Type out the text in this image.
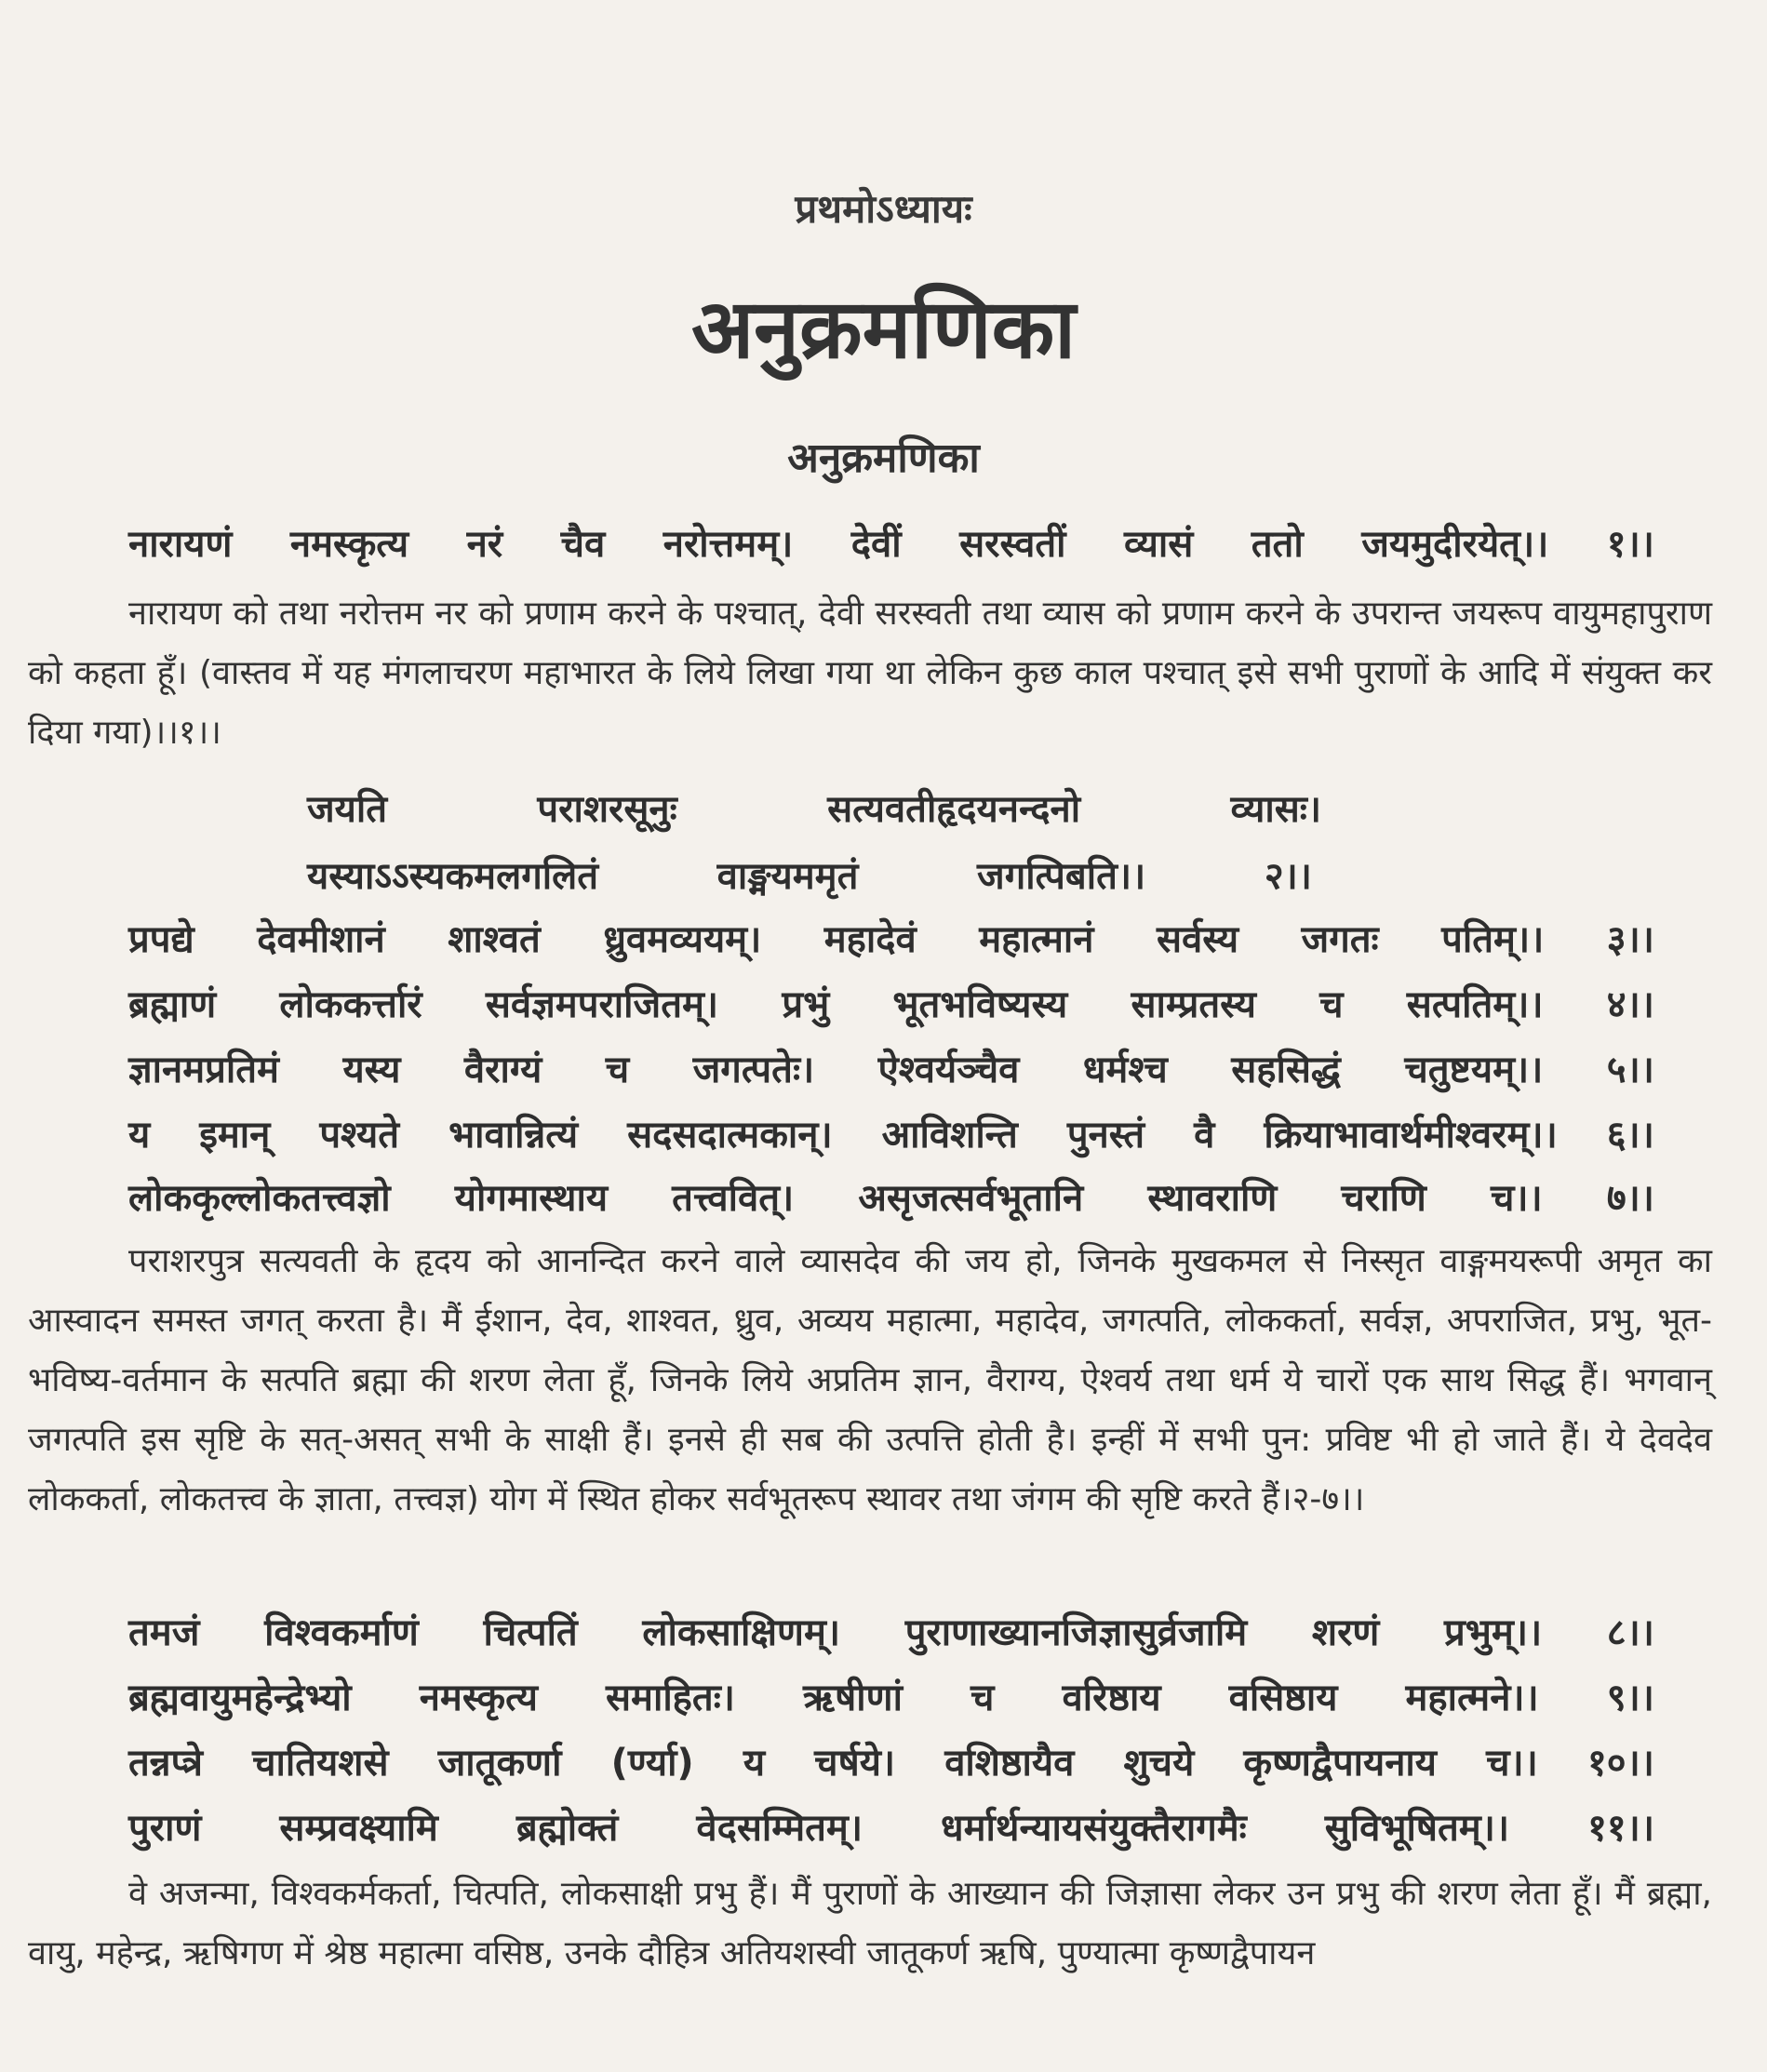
प्रथमोऽध्यायः
अनुक्रमणिका
अनुक्रमणिका
नारायणं नमस्कृत्य नरं चैव नरोत्तमम्। देवीं सरस्वतीं व्यासं ततो जयमुदीरयेत्।। १।।
नारायण को तथा नरोत्तम नर को प्रणाम करने के पश्चात्, देवी सरस्वती तथा व्यास को प्रणाम करने के उपरान्त जयरूप वायुमहापुराण को कहता हूँ। (वास्तव में यह मंगलाचरण महाभारत के लिये लिखा गया था लेकिन कुछ काल पश्चात् इसे सभी पुराणों के आदि में संयुक्त कर दिया गया)।।१।।
जयति	पराशरसूनुः	सत्यवतीहृदयनन्दनो	व्यासः।
यस्याऽऽस्यकमलगलितं	वाङ्मयममृतं	जगत्पिबति।।	२।।
प्रपद्ये देवमीशानं शाश्वतं ध्रुवमव्ययम्। महादेवं महात्मानं सर्वस्य जगतः पतिम्।। ३।।
ब्रह्माणं लोककर्त्तारं सर्वज्ञमपराजितम्। प्रभुं भूतभविष्यस्य साम्प्रतस्य च सत्पतिम्।। ४।।
ज्ञानमप्रतिमं यस्य वैराग्यं च जगत्पतेः। ऐश्वर्यञ्चैव धर्मश्च सहसिद्धं चतुष्टयम्।। ५।।
य इमान् पश्यते भावान्नित्यं सदसदात्मकान्। आविशन्ति पुनस्तं वै क्रियाभावार्थमीश्वरम्।। ६।।
लोककृल्लोकतत्त्वज्ञो योगमास्थाय तत्त्ववित्। असृजत्सर्वभूतानि स्थावराणि चराणि च।। ७।।
पराशरपुत्र सत्यवती के हृदय को आनन्दित करने वाले व्यासदेव की जय हो, जिनके मुखकमल से निस्सृत वाङ्गमयरूपी अमृत का आस्वादन समस्त जगत् करता है। मैं ईशान, देव, शाश्वत, ध्रुव, अव्यय महात्मा, महादेव, जगत्पति, लोककर्ता, सर्वज्ञ, अपराजित, प्रभु, भूत-भविष्य-वर्तमान के सत्पति ब्रह्मा की शरण लेता हूँ, जिनके लिये अप्रतिम ज्ञान, वैराग्य, ऐश्वर्य तथा धर्म ये चारों एक साथ सिद्ध हैं। भगवान् जगत्पति इस सृष्टि के सत्-असत् सभी के साक्षी हैं। इनसे ही सब की उत्पत्ति होती है। इन्हीं में सभी पुन: प्रविष्ट भी हो जाते हैं। ये देवदेव लोककर्ता, लोकतत्त्व के ज्ञाता, तत्त्वज्ञ) योग में स्थित होकर सर्वभूतरूप स्थावर तथा जंगम की सृष्टि करते हैं।२-७।।
तमजं विश्वकर्माणं चित्पतिं लोकसाक्षिणम्। पुराणाख्यानजिज्ञासुर्व्रजामि शरणं प्रभुम्।। ८।।
ब्रह्मवायुमहेन्द्रेभ्यो नमस्कृत्य समाहितः। ऋषीणां च वरिष्ठाय वसिष्ठाय महात्मने।। ९।।
तन्नप्त्रे चातियशसे जातूकर्णा (र्ण्या) य चर्षये। वशिष्ठायैव शुचये कृष्णद्वैपायनाय च।। १०।।
पुराणं सम्प्रवक्ष्यामि ब्रह्मोक्तं वेदसम्मितम्। धर्मार्थन्यायसंयुक्तैरागमैः सुविभूषितम्।। ११।।
वे अजन्मा, विश्वकर्मकर्ता, चित्पति, लोकसाक्षी प्रभु हैं। मैं पुराणों के आख्यान की जिज्ञासा लेकर उन प्रभु की शरण लेता हूँ। मैं ब्रह्मा, वायु, महेन्द्र, ऋषिगण में श्रेष्ठ महात्मा वसिष्ठ, उनके दौहित्र अतियशस्वी जातूकर्ण ऋषि, पुण्यात्मा कृष्णद्वैपायन
